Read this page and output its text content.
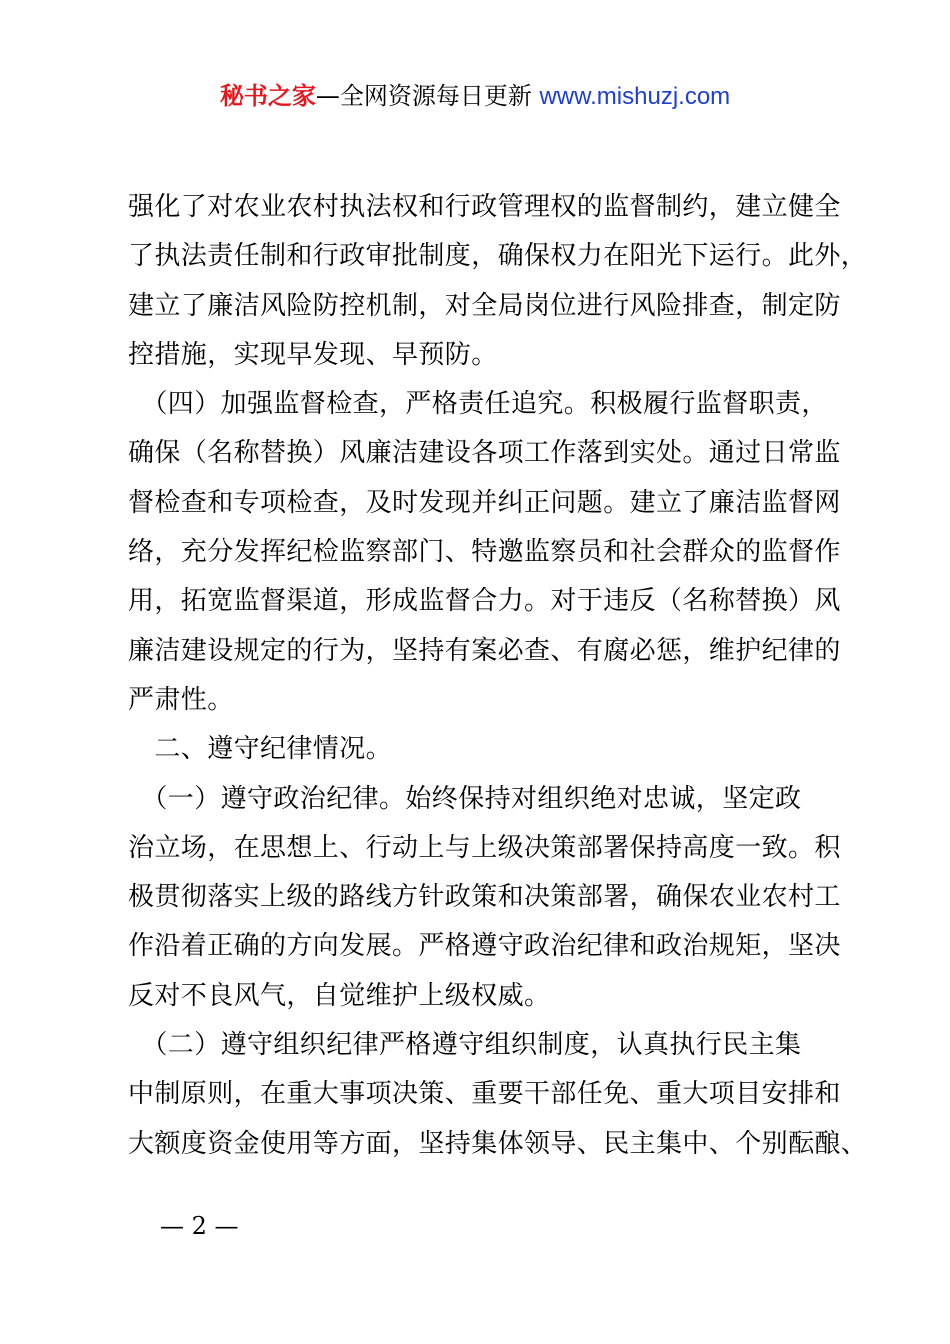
秘书之家—全网资源每日更新 www.mishuzj.com
强化了对农业农村执法权和行政管理权的监督制约，建立健全
了执法责任制和行政审批制度，确保权力在阳光下运行。此外，
建立了廉洁风险防控机制，对全局岗位进行风险排查，制定防
控措施，实现早发现、早预防。
　（四）加强监督检查，严格责任追究。积极履行监督职责，
确保（名称替换）风廉洁建设各项工作落到实处。通过日常监
督检查和专项检查，及时发现并纠正问题。建立了廉洁监督网
络，充分发挥纪检监察部门、特邀监察员和社会群众的监督作
用，拓宽监督渠道，形成监督合力。对于违反（名称替换）风
廉洁建设规定的行为，坚持有案必查、有腐必惩，维护纪律的
严肃性。
　二、遵守纪律情况。
　（一）遵守政治纪律。始终保持对组织绝对忠诚，坚定政
治立场，在思想上、行动上与上级决策部署保持高度一致。积
极贯彻落实上级的路线方针政策和决策部署，确保农业农村工
作沿着正确的方向发展。严格遵守政治纪律和政治规矩，坚决
反对不良风气，自觉维护上级权威。
　（二）遵守组织纪律严格遵守组织制度，认真执行民主集
中制原则，在重大事项决策、重要干部任免、重大项目安排和
大额度资金使用等方面，坚持集体领导、民主集中、个别酝酿、
— 2 —
